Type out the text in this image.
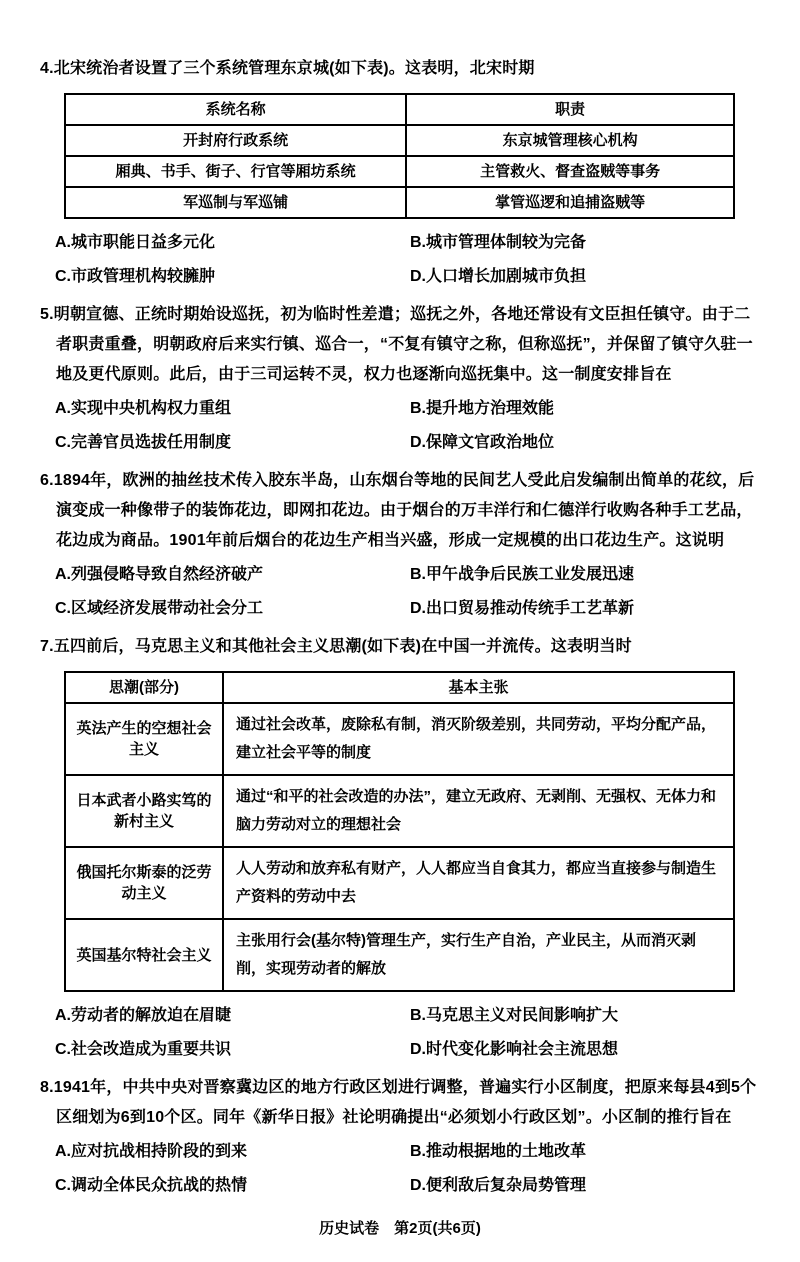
4.北宋统治者设置了三个系统管理东京城(如下表)。这表明，北宋时期

系统名称	职责
开封府行政系统	东京城管理核心机构
厢典、书手、街子、行官等厢坊系统	主管救火、督查盗贼等事务
军巡制与军巡铺	掌管巡逻和追捕盗贼等
A.城市职能日益多元化	B.城市管理体制较为完备
C.市政管理机构较臃肿	D.人口增长加剧城市负担

5.明朝宣德、正统时期始设巡抚，初为临时性差遣；巡抚之外，各地还常设有文臣担任镇守。由于二者职责重叠，明朝政府后来实行镇、巡合一，“不复有镇守之称，但称巡抚”，并保留了镇守久驻一地及更代原则。此后，由于三司运转不灵，权力也逐渐向巡抚集中。这一制度安排旨在

A.实现中央机构权力重组	B.提升地方治理效能
C.完善官员选拔任用制度	D.保障文官政治地位

6.1894年，欧洲的抽丝技术传入胶东半岛，山东烟台等地的民间艺人受此启发编制出简单的花纹，后演变成一种像带子的装饰花边，即网扣花边。由于烟台的万丰洋行和仁德洋行收购各种手工艺品，花边成为商品。1901年前后烟台的花边生产相当兴盛，形成一定规模的出口花边生产。这说明

A.列强侵略导致自然经济破产	B.甲午战争后民族工业发展迅速
C.区域经济发展带动社会分工	D.出口贸易推动传统手工艺革新

7.五四前后，马克思主义和其他社会主义思潮(如下表)在中国一并流传。这表明当时

思潮(部分)	基本主张
英法产生的空想社会主义	通过社会改革，废除私有制，消灭阶级差别，共同劳动，平均分配产品，建立社会平等的制度
日本武者小路实笃的新村主义	通过“和平的社会改造的办法”，建立无政府、无剥削、无强权、无体力和脑力劳动对立的理想社会
俄国托尔斯泰的泛劳动主义	人人劳动和放弃私有财产，人人都应当自食其力，都应当直接参与制造生产资料的劳动中去
英国基尔特社会主义	主张用行会(基尔特)管理生产，实行生产自治，产业民主，从而消灭剥削，实现劳动者的解放
A.劳动者的解放迫在眉睫	B.马克思主义对民间影响扩大
C.社会改造成为重要共识	D.时代变化影响社会主流思想

8.1941年，中共中央对晋察冀边区的地方行政区划进行调整，普遍实行小区制度，把原来每县4到5个区细划为6到10个区。同年《新华日报》社论明确提出“必须划小行政区划”。小区制的推行旨在

A.应对抗战相持阶段的到来	B.推动根据地的土地改革
C.调动全体民众抗战的热情	D.便利敌后复杂局势管理
历史试卷　第2页(共6页)
